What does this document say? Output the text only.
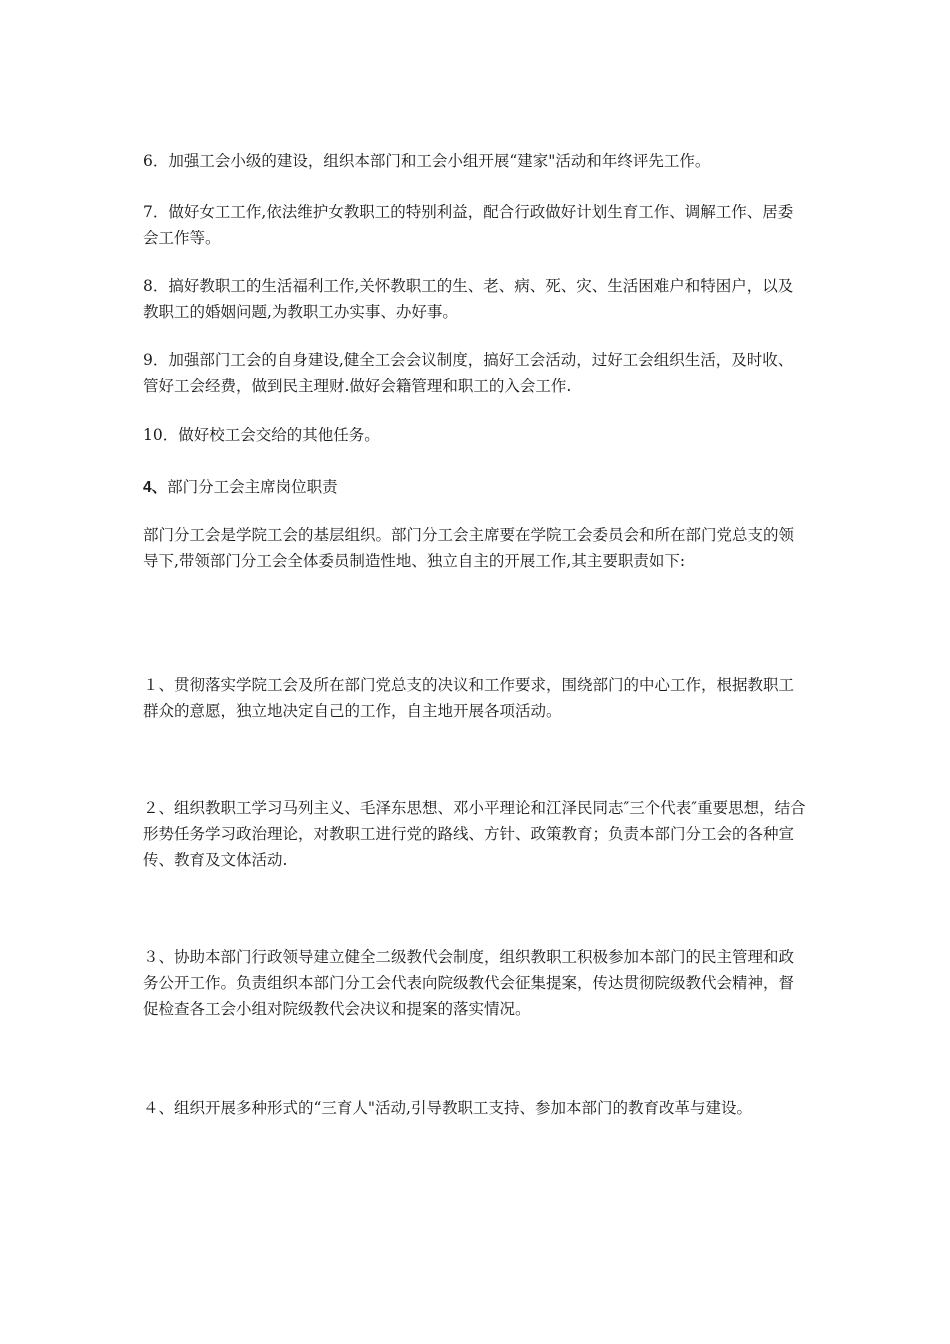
6．加强工会小级的建设，组织本部门和工会小组开展“建家"活动和年终评先工作。

7．做好女工工作,依法维护女教职工的特别利益，配合行政做好计划生育工作、调解工作、居委会工作等。

8．搞好教职工的生活福利工作,关怀教职工的生、老、病、死、灾、生活困难户和特困户，以及教职工的婚姻问题,为教职工办实事、办好事。

9．加强部门工会的自身建设,健全工会会议制度，搞好工会活动，过好工会组织生活，及时收、管好工会经费，做到民主理财.做好会籍管理和职工的入会工作.

10．做好校工会交给的其他任务。

4、部门分工会主席岗位职责

部门分工会是学院工会的基层组织。部门分工会主席要在学院工会委员会和所在部门党总支的领导下,带领部门分工会全体委员制造性地、独立自主的开展工作,其主要职责如下:

１、贯彻落实学院工会及所在部门党总支的决议和工作要求，围绕部门的中心工作，根据教职工群众的意愿，独立地决定自己的工作，自主地开展各项活动。

２、组织教职工学习马列主义、毛泽东思想、邓小平理论和江泽民同志″三个代表″重要思想，结合形势任务学习政治理论，对教职工进行党的路线、方针、政策教育；负责本部门分工会的各种宣传、教育及文体活动.

３、协助本部门行政领导建立健全二级教代会制度，组织教职工积极参加本部门的民主管理和政务公开工作。负责组织本部门分工会代表向院级教代会征集提案，传达贯彻院级教代会精神，督促检查各工会小组对院级教代会决议和提案的落实情况。

４、组织开展多种形式的“三育人"活动,引导教职工支持、参加本部门的教育改革与建设。
